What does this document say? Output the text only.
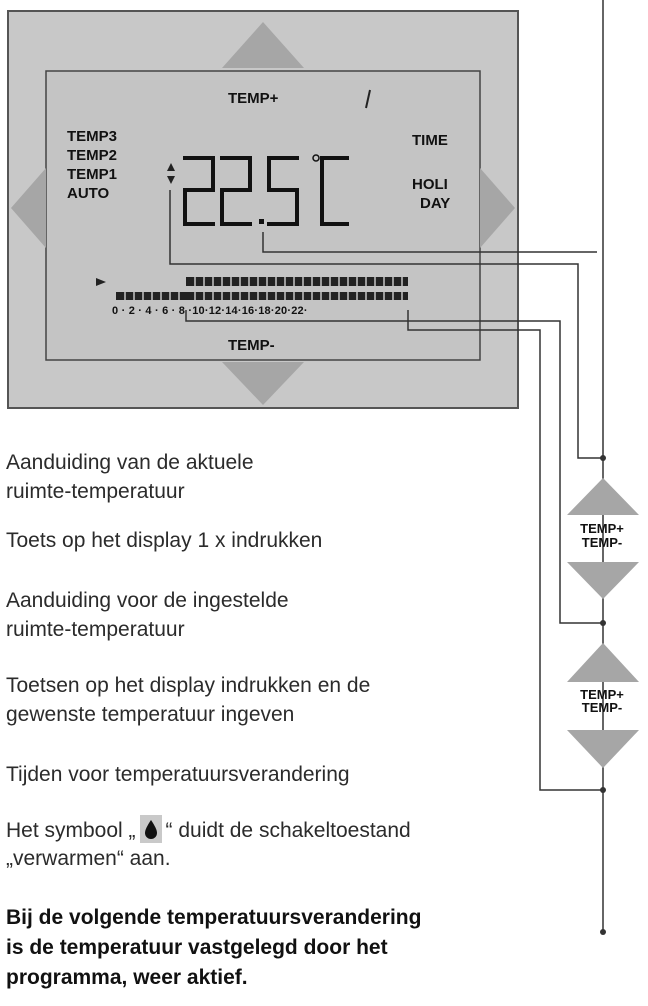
TEMP+
TEMP3
TEMP2
TEMP1
AUTO
TIME
HOLI
DAY
0 · 2 · 4 · 6 · 8 ·10·12·14·16·18·20·22·
TEMP-
TEMP+
TEMP-
TEMP+
TEMP-
Aanduiding van de aktuele
ruimte-temperatuur
Toets op het display 1 x indrukken
Aanduiding voor de ingestelde
ruimte-temperatuur
Toetsen op het display indrukken en de
gewenste temperatuur ingeven
Tijden voor temperatuursverandering
Het symbool „ “ duidt de schakeltoestand
„verwarmen“ aan.
Bij de volgende temperatuursverandering
is de temperatuur vastgelegd door het
programma, weer aktief.
